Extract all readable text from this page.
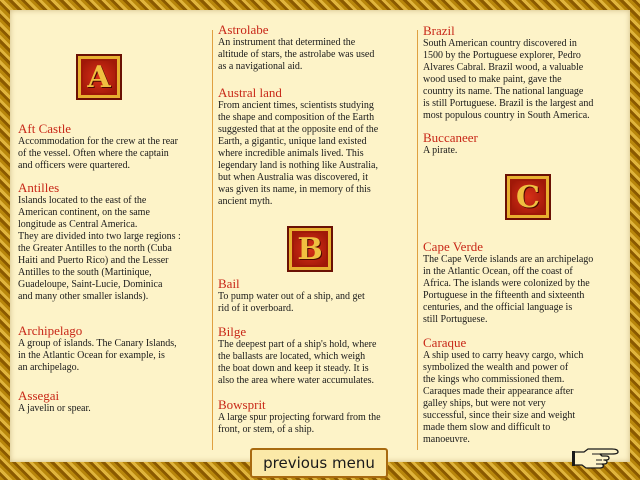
A

Aft Castle

Accommodation for the crew at the rear
of the vessel. Often where the captain
and officers were quartered.

Antilles

Islands located to the east of the
American continent, on the same
longitude as Central America.
They are divided into two large regions :
the Greater Antilles to the north (Cuba
Haiti and Puerto Rico) and the Lesser
Antilles to the south (Martinique,
Guadeloupe, Saint-Lucie, Dominica
and many other smaller islands).

Archipelago

A group of islands. The Canary Islands,
in the Atlantic Ocean for example, is
an archipelago.

Assegai

A javelin or spear.

Astrolabe

An instrument that determined the
altitude of stars, the astrolabe was used
as a navigational aid.

Austral land

From ancient times, scientists studying
the shape and composition of the Earth
suggested that at the opposite end of the
Earth, a gigantic, unique land existed
where incredible animals lived. This
legendary land is nothing like Australia,
but when Australia was discovered, it
was given its name, in memory of this
ancient myth.

B

Bail

To pump water out of a ship, and get
rid of it overboard.

Bilge

The deepest part of a ship's hold, where
the ballasts are located, which weigh
the boat down and keep it steady. It is
also the area where water accumulates.

Bowsprit

A large spur projecting forward from the
front, or stem, of a ship.

Brazil

South American country discovered in
1500 by the Portuguese explorer, Pedro
Alvares Cabral. Brazil wood, a valuable
wood used to make paint, gave the
country its name. The national language
is still Portuguese. Brazil is the largest and
most populous country in South America.

Buccaneer

A pirate.

C

Cape Verde

The Cape Verde islands are an archipelago
in the Atlantic Ocean, off the coast of
Africa. The islands were colonized by the
Portuguese in the fifteenth and sixteenth
centuries, and the official language is
still Portuguese.

Caraque

A ship used to carry heavy cargo, which
symbolized the wealth and power of
the kings who commissioned them.
Caraques made their appearance after
galley ships, but were not very
successful, since their size and weight
made them slow and difficult to
manoeuvre.

previous menu
